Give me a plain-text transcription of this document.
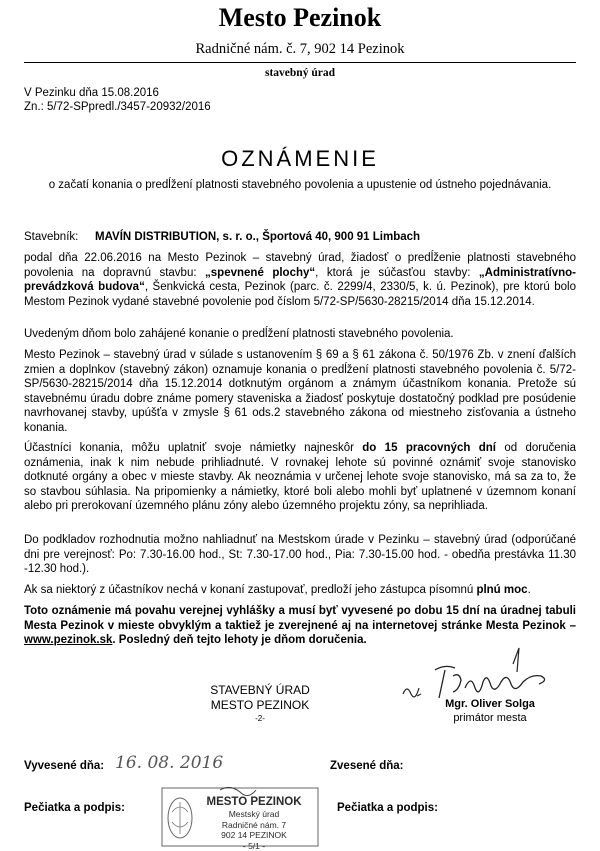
Mesto Pezinok
Radničné nám. č. 7, 902 14 Pezinok
stavebný úrad
V Pezinku dňa 15.08.2016
Zn.: 5/72-SPpredl./3457-20932/2016
OZNÁMENIE
o začatí konania o predĺžení platnosti stavebného povolenia a upustenie od ústneho pojednávania.
Stavebník: MAVÍN DISTRIBUTION, s. r. o., Športová 40, 900 91 Limbach

podal dňa 22.06.2016 na Mesto Pezinok – stavebný úrad, žiadosť o predĺženie platnosti stavebného povolenia na dopravnú stavbu: „spevnené plochy“, ktorá je súčasťou stavby: „Administratívno-prevádzková budova“, Šenkvická cesta, Pezinok (parc. č. 2299/4, 2330/5, k. ú. Pezinok), pre ktorú bolo Mestom Pezinok vydané stavebné povolenie pod číslom 5/72-SP/5630-28215/2014 dňa 15.12.2014.

Uvedeným dňom bolo zahájené konanie o predĺžení platnosti stavebného povolenia.

Mesto Pezinok – stavebný úrad v súlade s ustanovením § 69 a § 61 zákona č. 50/1976 Zb. v znení ďalších zmien a doplnkov (stavebný zákon) oznamuje konania o predĺžení platnosti stavebného povolenia č. 5/72-SP/5630-28215/2014 dňa 15.12.2014 dotknutým orgánom a známym účastníkom konania. Pretože sú stavebnému úradu dobre známe pomery staveniska a žiadosť poskytuje dostatočný podklad pre posúdenie navrhovanej stavby, upúšťa v zmysle § 61 ods.2 stavebného zákona od miestneho zisťovania a ústneho konania.

Účastníci konania, môžu uplatniť svoje námietky najneskôr do 15 pracovných dní od doručenia oznámenia, inak k nim nebude prihliadnuté. V rovnakej lehote sú povinné oznámiť svoje stanovisko dotknuté orgány a obec v mieste stavby. Ak neoznámia v určenej lehote svoje stanovisko, má sa za to, že so stavbou súhlasia. Na pripomienky a námietky, ktoré boli alebo mohli byť uplatnené v územnom konaní alebo pri prerokovaní územného plánu zóny alebo územného projektu zóny, sa neprihliada.

Do podkladov rozhodnutia možno nahliadnuť na Mestskom úrade v Pezinku – stavebný úrad (odporúčané dni pre verejnosť: Po: 7.30-16.00 hod., St: 7.30-17.00 hod., Pia: 7.30-15.00 hod. - obedňa prestávka 11.30 -12.30 hod.).

Ak sa niektorý z účastníkov nechá v konaní zastupovať, predloží jeho zástupca písomnú plnú moc.

Toto oznámenie má povahu verejnej vyhlášky a musí byť vyvesené po dobu 15 dní na úradnej tabuli Mesta Pezinok v mieste obvyklým a taktiež je zverejnené aj na internetovej stránke Mesta Pezinok – www.pezinok.sk. Posledný deň tejto lehoty je dňom doručenia.

STAVEBNÝ ÚRAD
MESTO PEZINOK
-2-
Mgr. Oliver Solga
primátor mesta
Vyvesené dňa: 16. 08. 2016	Zvesené dňa:
Pečiatka a podpis:	Pečiatka a podpis:
MESTO PEZINOK
Mestský úrad
Radničné nám. 7
902 14 PEZINOK
- 5/1 -
